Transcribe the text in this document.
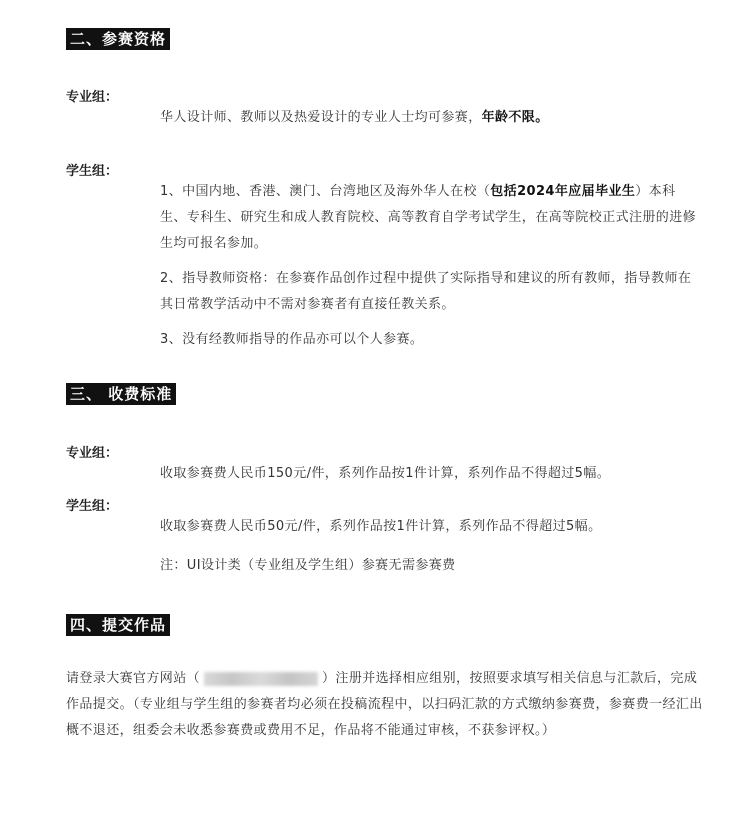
二、参赛资格
专业组：
华人设计师、教师以及热爱设计的专业人士均可参赛，年龄不限。
学生组：
1、中国内地、香港、澳门、台湾地区及海外华人在校（包括2024年应届毕业生）本科生、专科生、研究生和成人教育院校、高等教育自学考试学生，在高等院校正式注册的进修生均可报名参加。
2、指导教师资格：在参赛作品创作过程中提供了实际指导和建议的所有教师，指导教师在其日常教学活动中不需对参赛者有直接任教关系。
3、没有经教师指导的作品亦可以个人参赛。
三、 收费标准
专业组：
收取参赛费人民币150元/件，系列作品按1件计算，系列作品不得超过5幅。
学生组：
收取参赛费人民币50元/件，系列作品按1件计算，系列作品不得超过5幅。
注：UI设计类（专业组及学生组）参赛无需参赛费
四、提交作品
请登录大赛官方网站（	）注册并选择相应组别，按照要求填写相关信息与汇款后，完成作品提交。（专业组与学生组的参赛者均必须在投稿流程中，以扫码汇款的方式缴纳参赛费，参赛费一经汇出概不退还，组委会未收悉参赛费或费用不足，作品将不能通过审核，不获参评权。）
